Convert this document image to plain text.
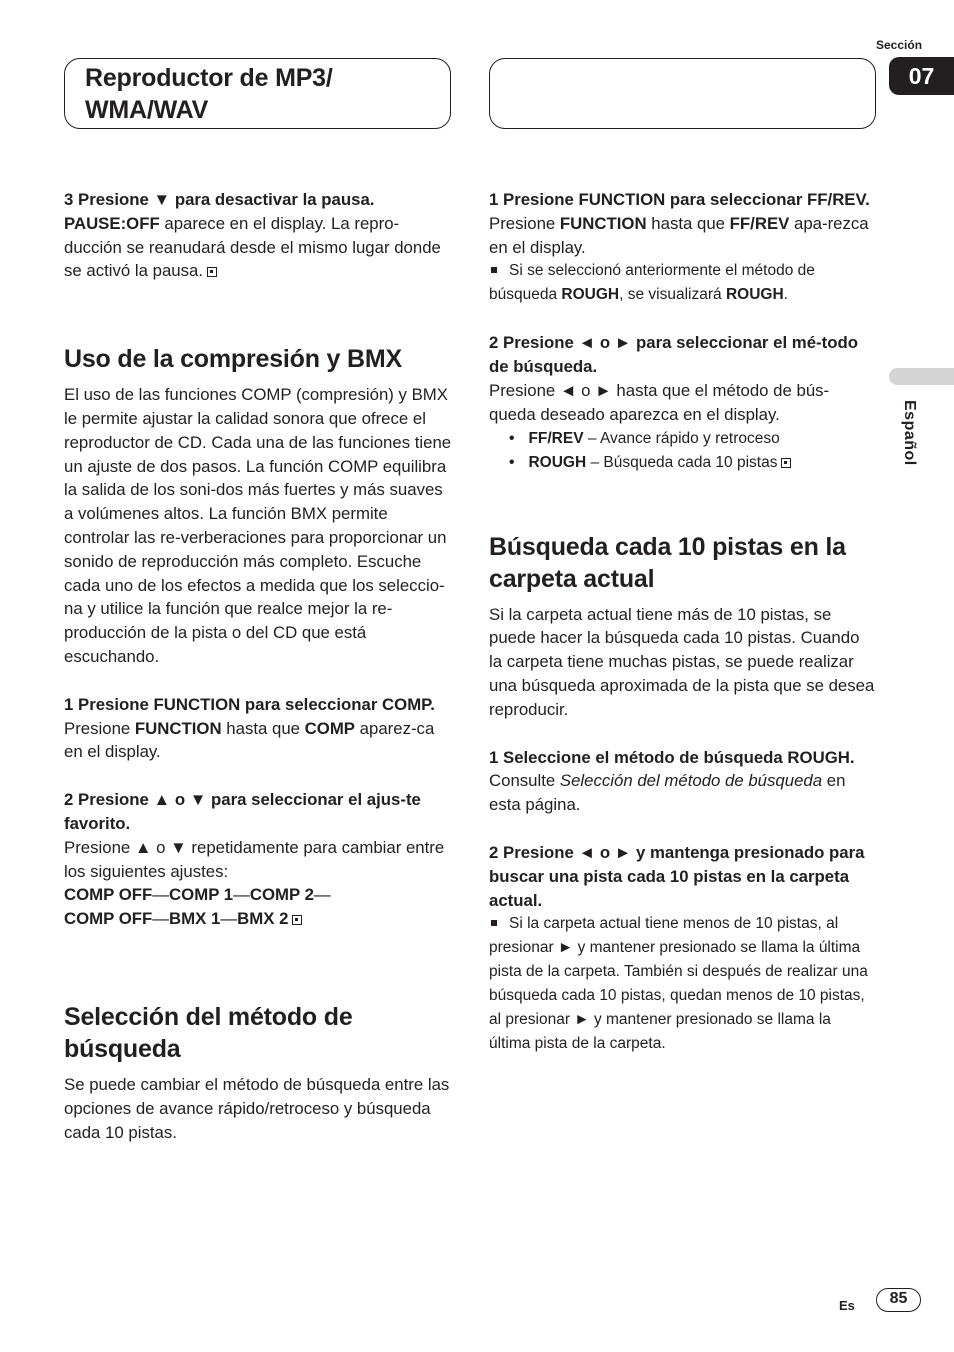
Reproductor de MP3/
WMA/WAV
Sección
07
Español

3 Presione ▼ para desactivar la pausa.

PAUSE:OFF aparece en el display. La repro-ducción se reanudará desde el mismo lugar donde se activó la pausa.

Uso de la compresión y BMX

El uso de las funciones COMP (compresión) y BMX le permite ajustar la calidad sonora que ofrece el reproductor de CD. Cada una de las funciones tiene un ajuste de dos pasos. La función COMP equilibra la salida de los soni-dos más fuertes y más suaves a volúmenes altos. La función BMX permite controlar las re-verberaciones para proporcionar un sonido de reproducción más completo. Escuche cada uno de los efectos a medida que los seleccio-na y utilice la función que realce mejor la re-producción de la pista o del CD que está escuchando.

1 Presione FUNCTION para seleccionar COMP.

Presione FUNCTION hasta que COMP aparez-ca en el display.

2 Presione ▲ o ▼ para seleccionar el ajus-te favorito.

Presione ▲ o ▼ repetidamente para cambiar entre los siguientes ajustes:

COMP OFF—COMP 1—COMP 2—

COMP OFF—BMX 1—BMX 2

Selección del método de búsqueda

Se puede cambiar el método de búsqueda entre las opciones de avance rápido/retroceso y búsqueda cada 10 pistas.

1 Presione FUNCTION para seleccionar FF/REV.

Presione FUNCTION hasta que FF/REV apa-rezca en el display.

Si se seleccionó anteriormente el método de búsqueda ROUGH, se visualizará ROUGH.

2 Presione ◄ o ► para seleccionar el mé-todo de búsqueda.

Presione ◄ o ► hasta que el método de bús-queda deseado aparezca en el display.

• FF/REV – Avance rápido y retroceso
• ROUGH – Búsqueda cada 10 pistas
Búsqueda cada 10 pistas en la carpeta actual

Si la carpeta actual tiene más de 10 pistas, se puede hacer la búsqueda cada 10 pistas. Cuando la carpeta tiene muchas pistas, se puede realizar una búsqueda aproximada de la pista que se desea reproducir.

1 Seleccione el método de búsqueda ROUGH.

Consulte Selección del método de búsqueda en esta página.

2 Presione ◄ o ► y mantenga presionado para buscar una pista cada 10 pistas en la carpeta actual.

Si la carpeta actual tiene menos de 10 pistas, al presionar ► y mantener presionado se llama la última pista de la carpeta. También si después de realizar una búsqueda cada 10 pistas, quedan menos de 10 pistas, al presionar ► y mantener presionado se llama la última pista de la carpeta.

Es	85
